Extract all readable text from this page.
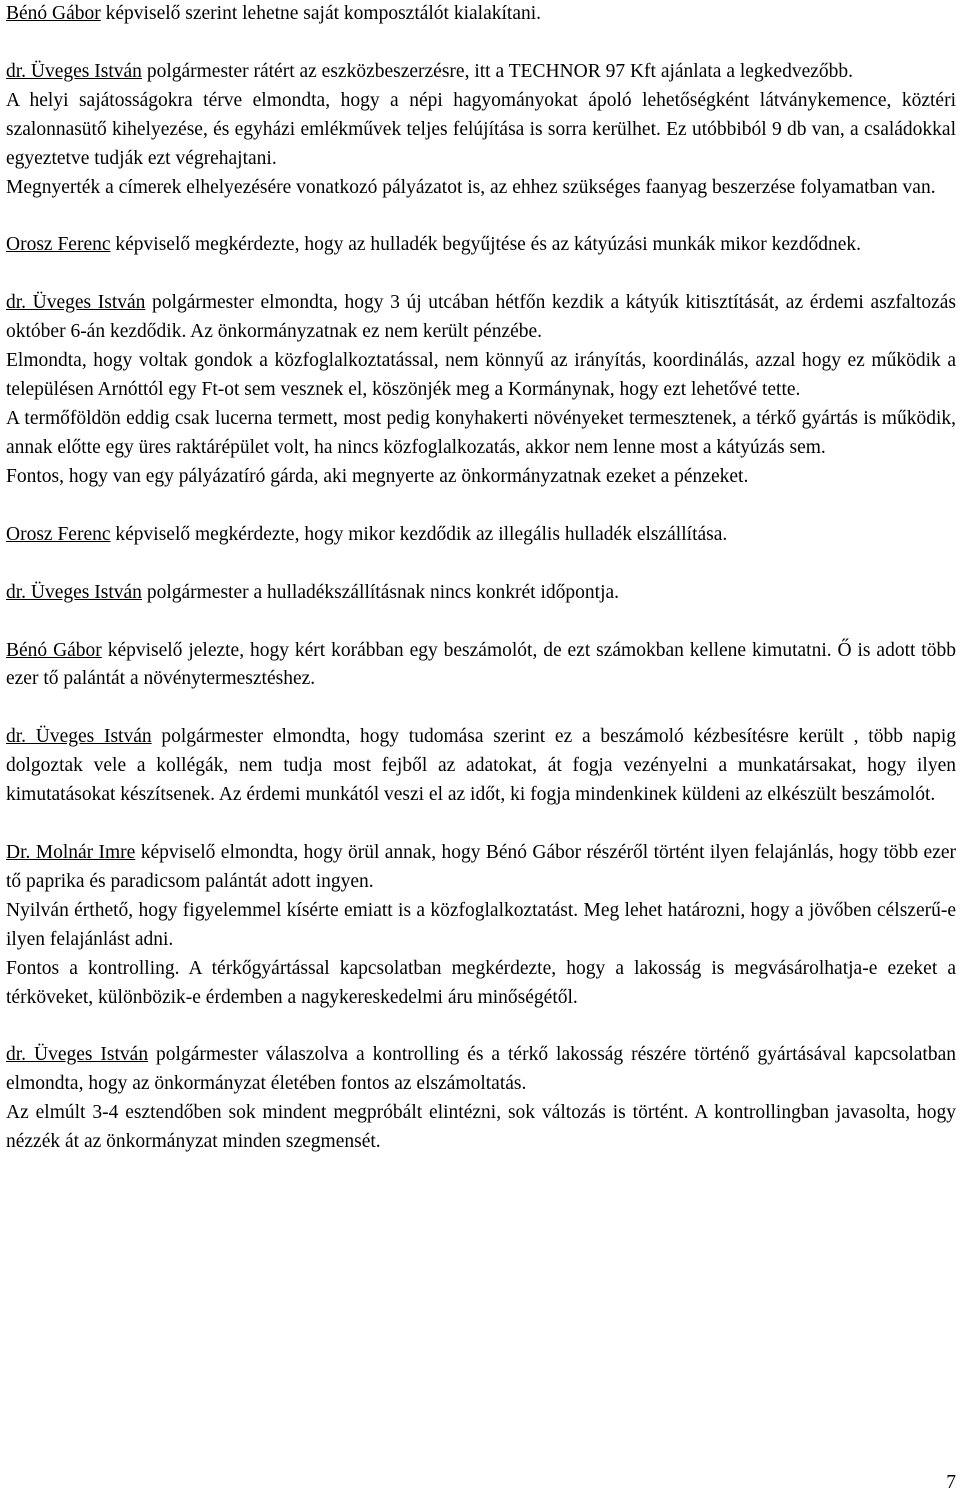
Bénó Gábor képviselő szerint lehetne saját komposztálót kialakítani.

dr. Üveges István polgármester rátért az eszközbeszerzésre, itt a TECHNOR 97 Kft ajánlata a legkedvezőbb.

A helyi sajátosságokra térve elmondta, hogy a népi hagyományokat ápoló lehetőségként látványkemence, köztéri szalonnasütő kihelyezése, és egyházi emlékművek teljes felújítása is sorra kerülhet. Ez utóbbiból 9 db van, a családokkal egyeztetve tudják ezt végrehajtani.

Megnyerték a címerek elhelyezésére vonatkozó pályázatot is, az ehhez szükséges faanyag beszerzése folyamatban van.

Orosz Ferenc képviselő megkérdezte, hogy az hulladék begyűjtése és az kátyúzási munkák mikor kezdődnek.

dr. Üveges István polgármester elmondta, hogy 3 új utcában hétfőn kezdik a kátyúk kitisztítását, az érdemi aszfaltozás október 6-án kezdődik. Az önkormányzatnak ez nem került pénzébe.

Elmondta, hogy voltak gondok a közfoglalkoztatással, nem könnyű az irányítás, koordinálás, azzal hogy ez működik a településen Arnóttól egy Ft-ot sem vesznek el, köszönjék meg a Kormánynak, hogy ezt lehetővé tette.

A termőföldön eddig csak lucerna termett, most pedig konyhakerti növényeket termesztenek, a térkő gyártás is működik, annak előtte egy üres raktárépület volt, ha nincs közfoglalkozatás, akkor nem lenne most a kátyúzás sem.

Fontos, hogy van egy pályázatíró gárda, aki megnyerte az önkormányzatnak ezeket a pénzeket.

Orosz Ferenc képviselő megkérdezte, hogy mikor kezdődik az illegális hulladék elszállítása.

dr. Üveges István polgármester a hulladékszállításnak nincs konkrét időpontja.

Bénó Gábor képviselő jelezte, hogy kért korábban egy beszámolót, de ezt számokban kellene kimutatni. Ő is adott több ezer tő palántát a növénytermesztéshez.

dr. Üveges István polgármester elmondta, hogy tudomása szerint ez a beszámoló kézbesítésre került , több napig dolgoztak vele a kollégák, nem tudja most fejből az adatokat, át fogja vezényelni a munkatársakat, hogy ilyen kimutatásokat készítsenek. Az érdemi munkától veszi el az időt, ki fogja mindenkinek küldeni az elkészült beszámolót.

Dr. Molnár Imre képviselő elmondta, hogy örül annak, hogy Bénó Gábor részéről történt ilyen felajánlás, hogy több ezer tő paprika és paradicsom palántát adott ingyen.

Nyilván érthető, hogy figyelemmel kísérte emiatt is a közfoglalkoztatást. Meg lehet határozni, hogy a jövőben célszerű-e ilyen felajánlást adni.

Fontos a kontrolling. A térkőgyártással kapcsolatban megkérdezte, hogy a lakosság is megvásárolhatja-e ezeket a térköveket, különbözik-e érdemben a nagykereskedelmi áru minőségétől.

dr. Üveges István polgármester válaszolva a kontrolling és a térkő lakosság részére történő gyártásával kapcsolatban elmondta, hogy az önkormányzat életében fontos az elszámoltatás.

Az elmúlt 3-4 esztendőben sok mindent megpróbált elintézni, sok változás is történt. A kontrollingban javasolta, hogy nézzék át az önkormányzat minden szegmensét.

7
